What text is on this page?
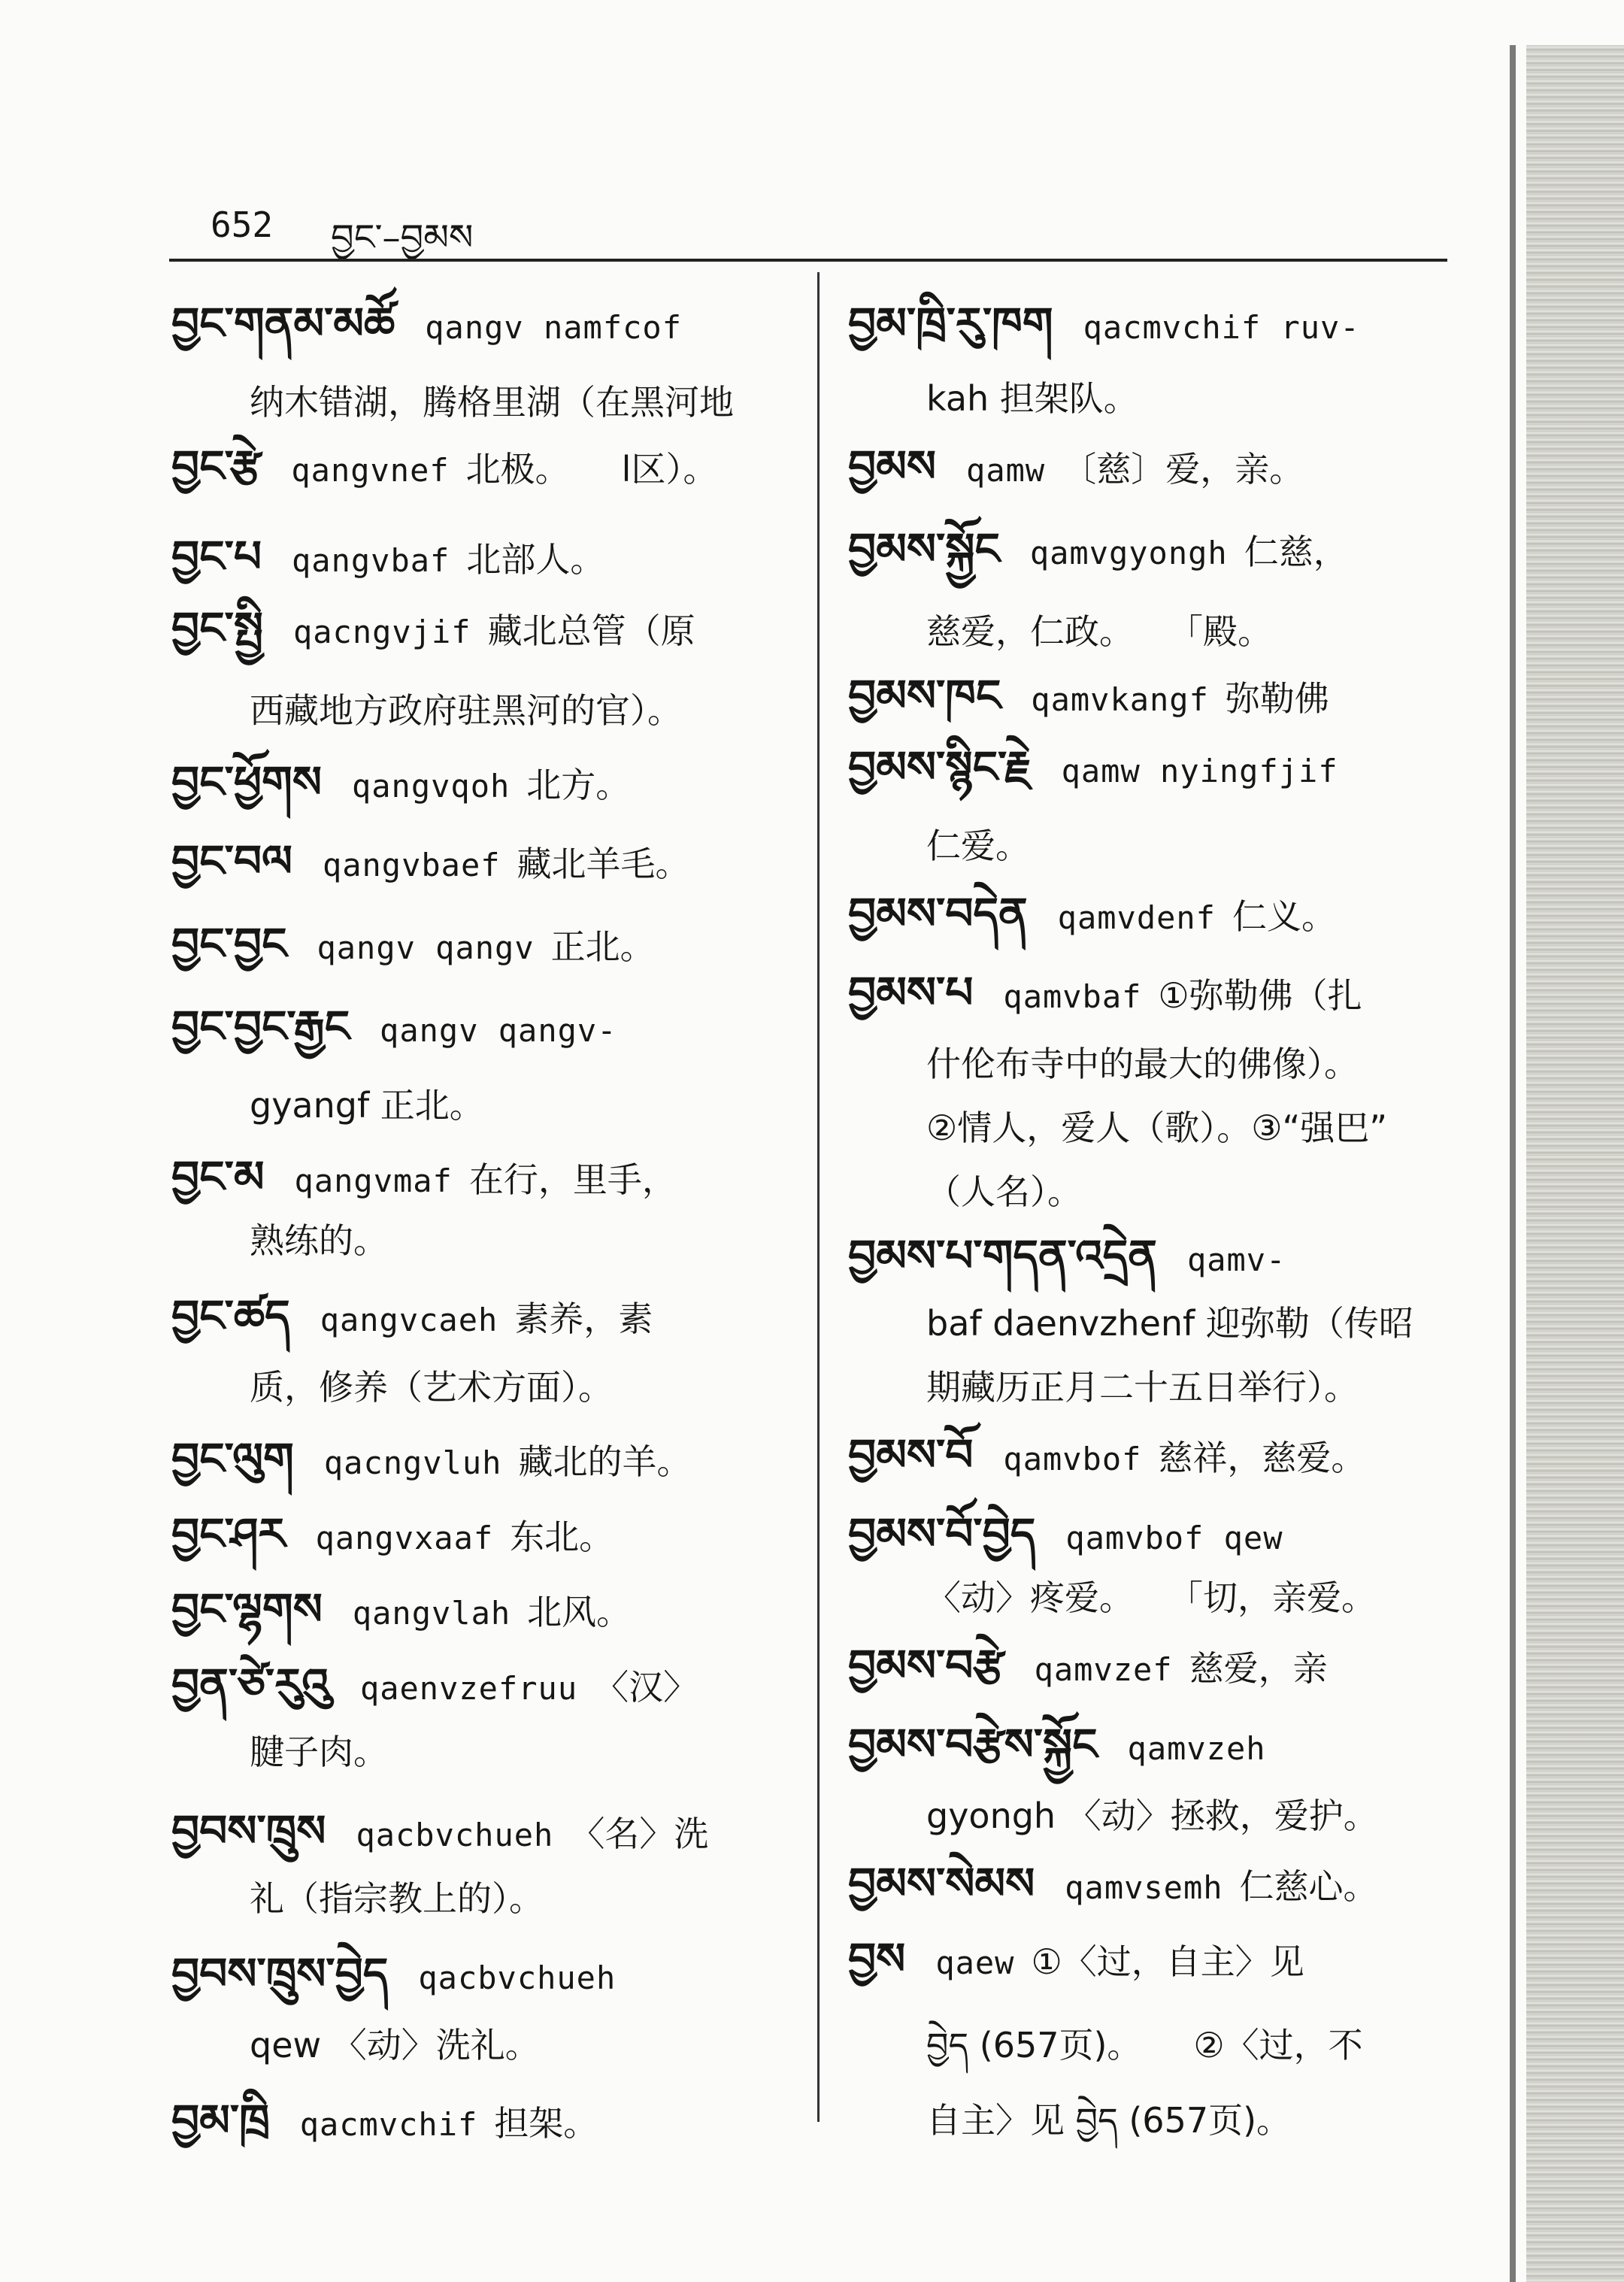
652 བྱང་–བྱམས
བྱང་གནམ་མཚོ qangv namfcof
纳木错湖，腾格里湖（在黑河地
བྱང་རྩེ qangvnef 北极。　　l区）。
བྱང་པ qangvbaf 北部人。
བྱང་སྤྱི qacngvjif 藏北总管（原
西藏地方政府驻黑河的官）。
བྱང་ཕྱོགས qangvqoh 北方。
བྱང་བལ qangvbaef 藏北羊毛。
བྱང་བྱང qangv qangv 正北。
བྱང་བྱང་རྒྱང qangv qangv-
gyangf 正北。
བྱང་མ qangvmaf 在行，里手，
熟练的。
བྱང་ཚད qangvcaeh 素养，素
质，修养（艺术方面）。
བྱང་ལུག qacngvluh 藏北的羊。
བྱང་ཤར qangvxaaf 东北。
བྱང་ལྷགས qangvlah 北风。
བྱན་ཙེ་རུའུ qaenvzefruu 〈汉〉
腱子肉。
བྱབས་ཁྲུས qacbvchueh 〈名〉洗
礼（指宗教上的）。
བྱབས་ཁྲུས་བྱེད qacbvchueh
qew 〈动〉洗礼。
བྱམ་ཁྲི qacmvchif 担架。
བྱམ་ཁྲི་རུ་ཁག qacmvchif ruv-
kah 担架队。
བྱམས qamw 〔慈〕爱，亲。
བྱམས་སྐྱོང qamvgyongh 仁慈，
慈爱，仁政。　　「殿。
བྱམས་ཁང qamvkangf 弥勒佛
བྱམས་སྙིང་རྗེ qamw nyingfjif
仁爱。
བྱམས་བདེན qamvdenf 仁义。
བྱམས་པ qamvbaf ①弥勒佛（扎
什伦布寺中的最大的佛像）。
②情人，爱人（歌）。③“强巴”
（人名）。
བྱམས་པ་གདན་འདྲེན qamv-
baf daenvzhenf 迎弥勒（传昭
期藏历正月二十五日举行）。
བྱམས་བོ qamvbof 慈祥，慈爱。
བྱམས་བོ་བྱེད qamvbof qew
〈动〉疼爱。　　「切，亲爱。
བྱམས་བརྩེ qamvzef 慈爱，亲
བྱམས་བརྩེས་སྐྱོང qamvzeh
gyongh 〈动〉拯救，爱护。
བྱམས་སེམས qamvsemh 仁慈心。
བྱས qaew ①〈过，自主〉见
བྱེད (657页)。　　②〈过，不
自主〉见 བྱེད (657页)。
